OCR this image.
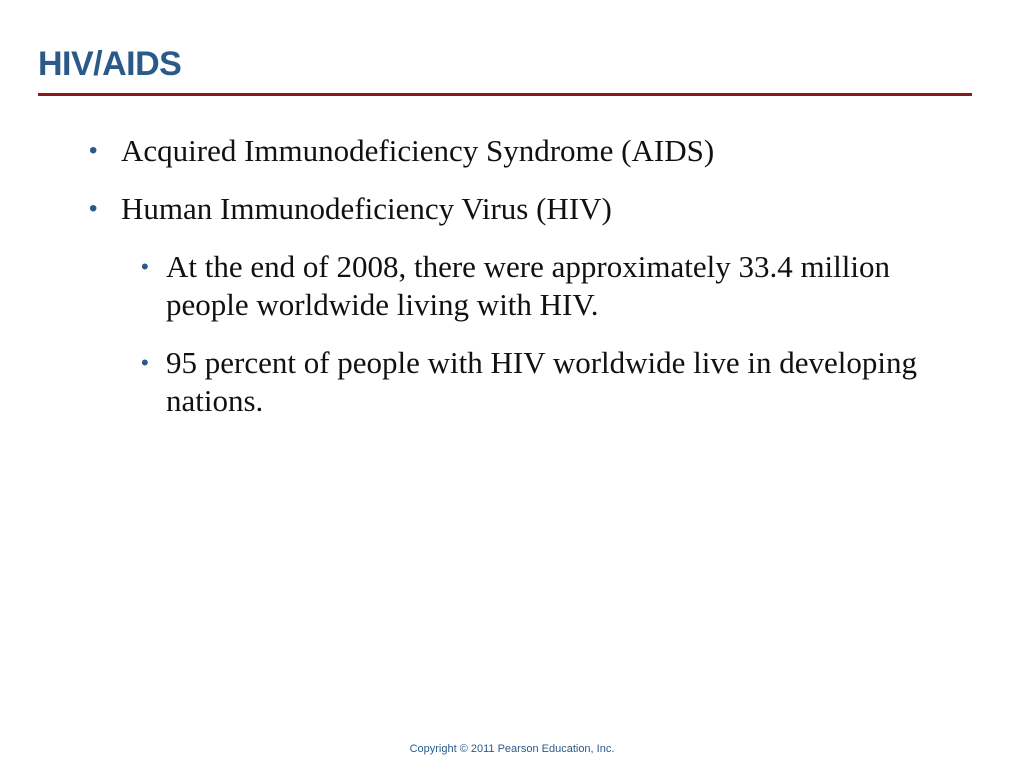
HIV/AIDS
• Acquired Immunodeficiency Syndrome (AIDS)
• Human Immunodeficiency Virus (HIV)
• At the end of 2008, there were approximately 33.4 million people worldwide living with HIV.
• 95 percent of people with HIV worldwide live in developing nations.
Copyright © 2011 Pearson Education, Inc.
